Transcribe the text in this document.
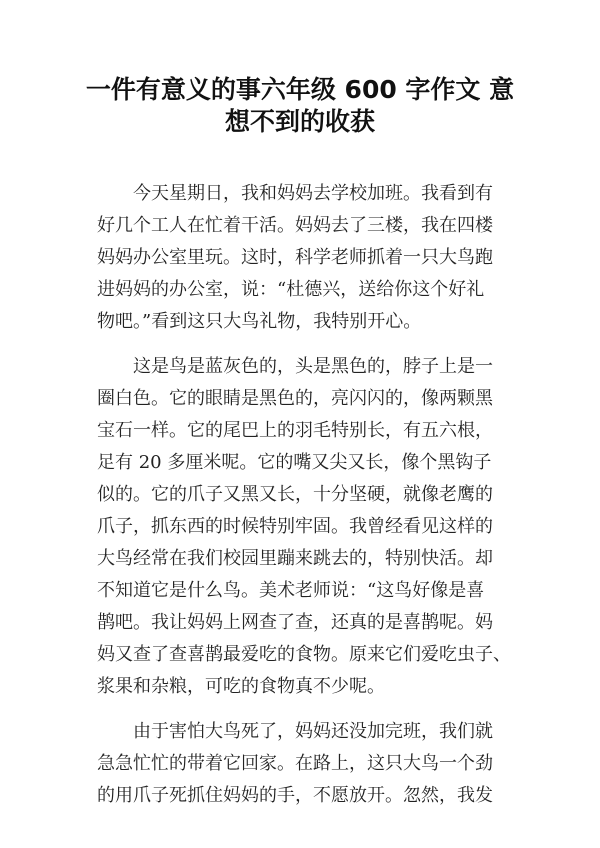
一件有意义的事六年级 600 字作文 意
想不到的收获
今天星期日，我和妈妈去学校加班。我看到有
好几个工人在忙着干活。妈妈去了三楼，我在四楼
妈妈办公室里玩。这时，科学老师抓着一只大鸟跑
进妈妈的办公室，说：“杜德兴，送给你这个好礼
物吧。”看到这只大鸟礼物，我特别开心。
这是鸟是蓝灰色的，头是黑色的，脖子上是一
圈白色。它的眼睛是黑色的，亮闪闪的，像两颗黑
宝石一样。它的尾巴上的羽毛特别长，有五六根，
足有 20 多厘米呢。它的嘴又尖又长，像个黑钩子
似的。它的爪子又黑又长，十分坚硬，就像老鹰的
爪子，抓东西的时候特别牢固。我曾经看见这样的
大鸟经常在我们校园里蹦来跳去的，特别快活。却
不知道它是什么鸟。美术老师说：“这鸟好像是喜
鹊吧。我让妈妈上网查了查，还真的是喜鹊呢。妈
妈又查了查喜鹊最爱吃的食物。原来它们爱吃虫子、
浆果和杂粮，可吃的食物真不少呢。
由于害怕大鸟死了，妈妈还没加完班，我们就
急急忙忙的带着它回家。在路上，这只大鸟一个劲
的用爪子死抓住妈妈的手，不愿放开。忽然，我发
